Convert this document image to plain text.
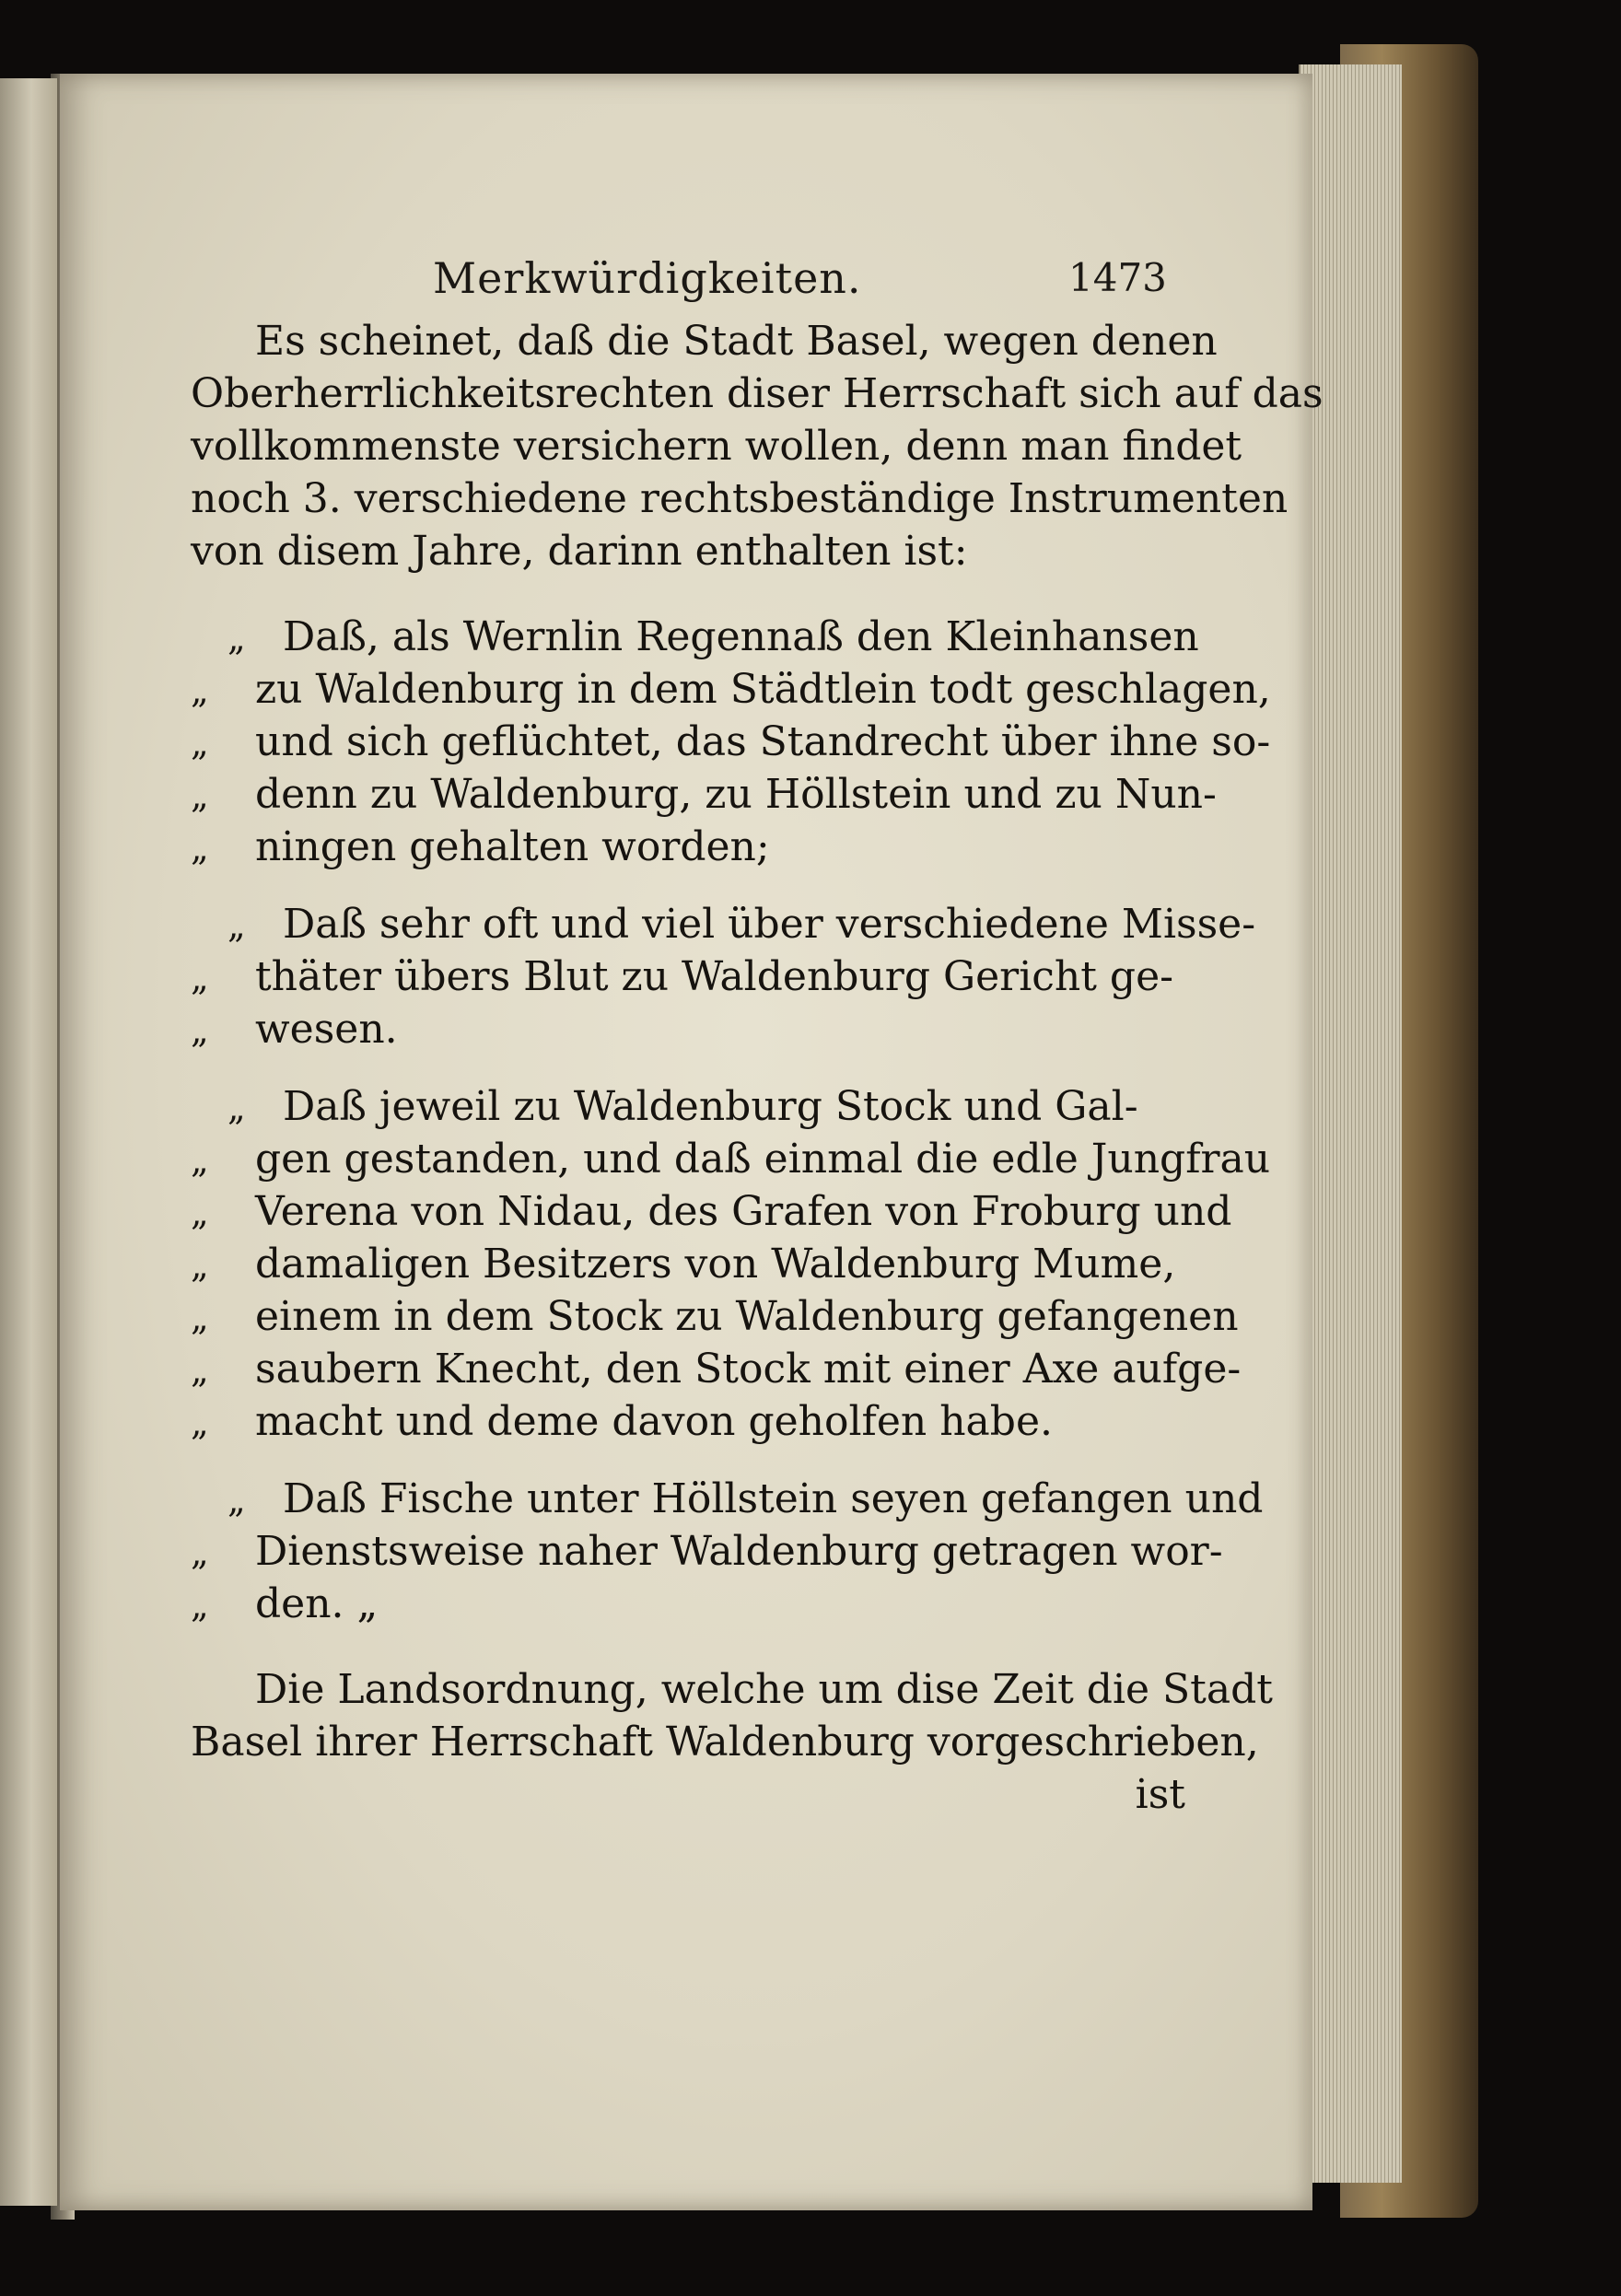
Merkwürdigkeiten.	1473
Es scheinet, daß die Stadt Basel, wegen denen
Oberherrlichkeitsrechten diser Herrschaft sich auf das
vollkommenste versichern wollen, denn man findet
noch 3. verschiedene rechtsbeständige Instrumenten
von disem Jahre, darinn enthalten ist:
„ Daß, als Wernlin Regennaß den Kleinhansen
„ zu Waldenburg in dem Städtlein todt geschlagen,
„ und sich geflüchtet, das Standrecht über ihne so-
„ denn zu Waldenburg, zu Höllstein und zu Nun-
„ ningen gehalten worden;
„ Daß sehr oft und viel über verschiedene Misse-
„ thäter übers Blut zu Waldenburg Gericht ge-
„ wesen.
„ Daß jeweil zu Waldenburg Stock und Gal-
„ gen gestanden, und daß einmal die edle Jungfrau
„ Verena von Nidau, des Grafen von Froburg und
„ damaligen Besitzers von Waldenburg Mume,
„ einem in dem Stock zu Waldenburg gefangenen
„ saubern Knecht, den Stock mit einer Axe aufge-
„ macht und deme davon geholfen habe.
„ Daß Fische unter Höllstein seyen gefangen und
„ Dienstsweise naher Waldenburg getragen wor-
„ den. „
Die Landsordnung, welche um dise Zeit die Stadt
Basel ihrer Herrschaft Waldenburg vorgeschrieben,
ist
